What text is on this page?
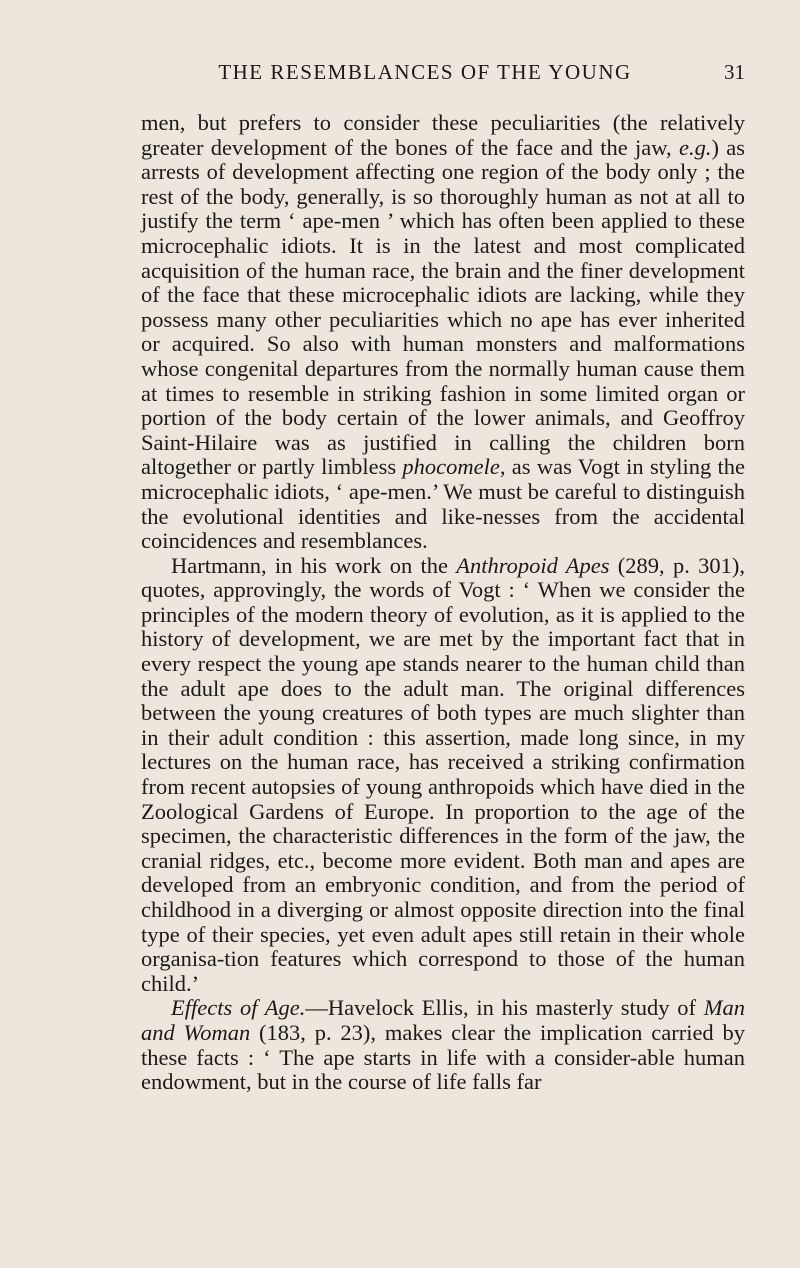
THE RESEMBLANCES OF THE YOUNG	31

men, but prefers to consider these peculiarities (the relatively greater development of the bones of the face and the jaw, e.g.) as arrests of development affecting one region of the body only ; the rest of the body, generally, is so thoroughly human as not at all to justify the term ‘ ape-men ’ which has often been applied to these microcephalic idiots. It is in the latest and most complicated acquisition of the human race, the brain and the finer development of the face that these microcephalic idiots are lacking, while they possess many other peculiarities which no ape has ever inherited or acquired. So also with human monsters and malformations whose congenital departures from the normally human cause them at times to resemble in striking fashion in some limited organ or portion of the body certain of the lower animals, and Geoffroy Saint-Hilaire was as justified in calling the children born altogether or partly limbless phocomele, as was Vogt in styling the microcephalic idiots, ‘ ape-men.’ We must be careful to distinguish the evolutional identities and like-nesses from the accidental coincidences and resemblances.

Hartmann, in his work on the Anthropoid Apes (289, p. 301), quotes, approvingly, the words of Vogt : ‘ When we consider the principles of the modern theory of evolution, as it is applied to the history of development, we are met by the important fact that in every respect the young ape stands nearer to the human child than the adult ape does to the adult man. The original differences between the young creatures of both types are much slighter than in their adult condition : this assertion, made long since, in my lectures on the human race, has received a striking confirmation from recent autopsies of young anthropoids which have died in the Zoological Gardens of Europe. In proportion to the age of the specimen, the characteristic differences in the form of the jaw, the cranial ridges, etc., become more evident. Both man and apes are developed from an embryonic condition, and from the period of childhood in a diverging or almost opposite direction into the final type of their species, yet even adult apes still retain in their whole organisa-tion features which correspond to those of the human child.’

Effects of Age.—Havelock Ellis, in his masterly study of Man and Woman (183, p. 23), makes clear the implication carried by these facts : ‘ The ape starts in life with a consider-able human endowment, but in the course of life falls far
